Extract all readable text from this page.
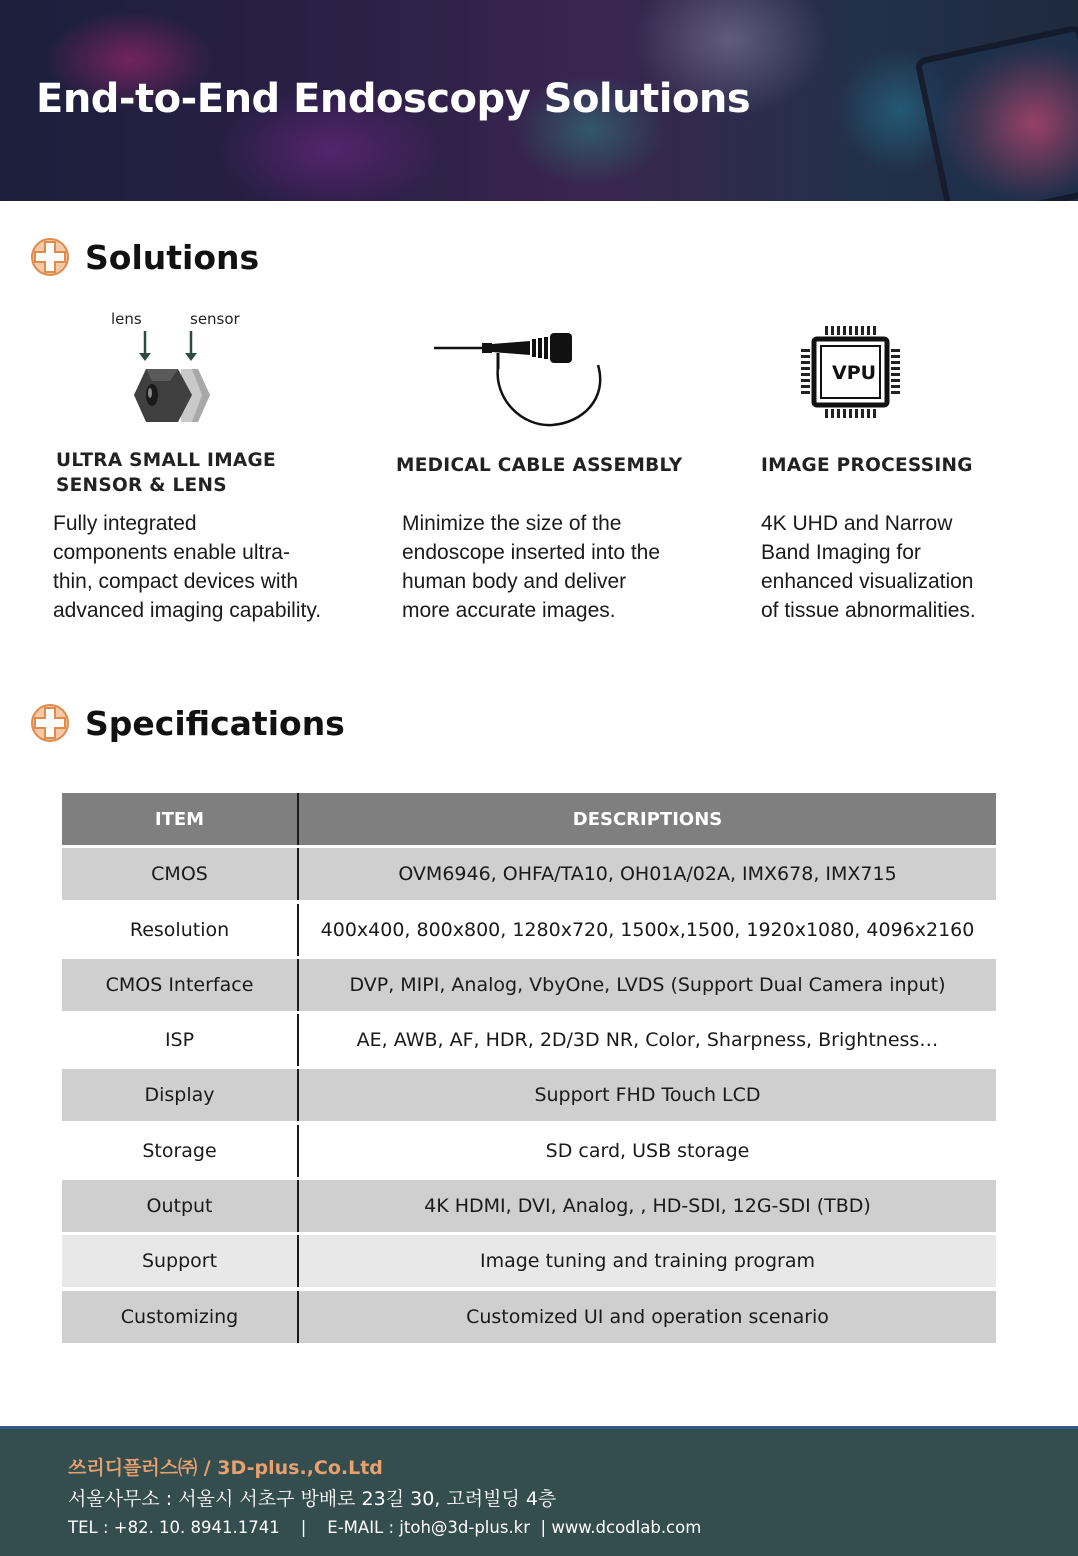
End-to-End Endoscopy Solutions
Solutions
lens	sensor
ULTRA SMALL IMAGE
SENSOR & LENS
Fully integrated
components enable ultra-
thin, compact devices with
advanced imaging capability.
MEDICAL CABLE ASSEMBLY
Minimize the size of the
endoscope inserted into the
human body and deliver
more accurate images.
VPU
IMAGE PROCESSING
4K UHD and Narrow
Band Imaging for
enhanced visualization
of tissue abnormalities.
Specifications
ITEM	DESCRIPTIONS
CMOS	OVM6946, OHFA/TA10, OH01A/02A, IMX678, IMX715
Resolution	400x400, 800x800, 1280x720, 1500x,1500, 1920x1080, 4096x2160
CMOS Interface	DVP, MIPI, Analog, VbyOne, LVDS (Support Dual Camera input)
ISP	AE, AWB, AF, HDR, 2D/3D NR, Color, Sharpness, Brightness…
Display	Support FHD Touch LCD
Storage	SD card, USB storage
Output	4K HDMI, DVI, Analog, , HD-SDI, 12G-SDI (TBD)
Support	Image tuning and training program
Customizing	Customized UI and operation scenario
쓰리디플러스㈜ / 3D-plus.,Co.Ltd
서울사무소 : 서울시 서초구 방배로 23길 30, 고려빌딩 4층
TEL : +82. 10. 8941.1741    |    E-MAIL : jtoh@3d-plus.kr  | www.dcodlab.com
